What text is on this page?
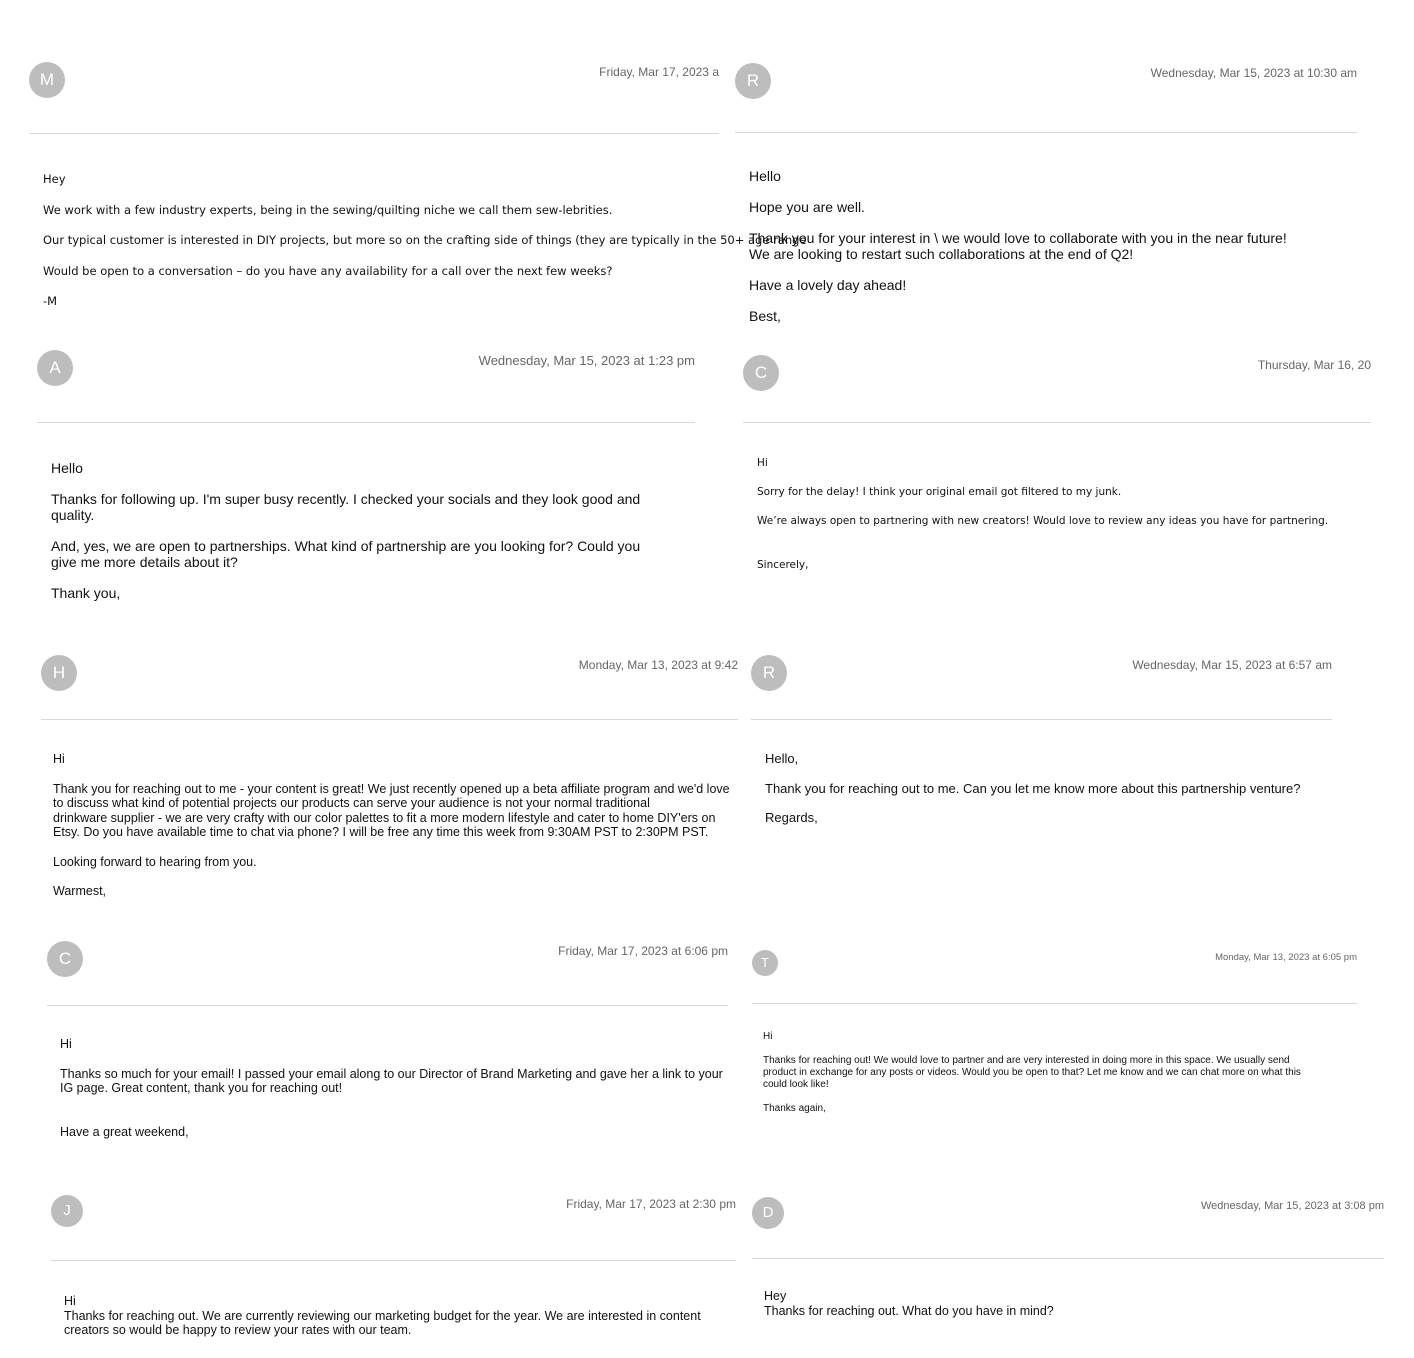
M	Friday, Mar 17, 2023 a

Hey

We work with a few industry experts, being in the sewing/quilting niche we call them sew-lebrities.

Our typical customer is interested in DIY projects, but more so on the crafting side of things (they are typically in the 50+ age range

Would be open to a conversation – do you have any availability for a call over the next few weeks?

-M

R	Wednesday, Mar 15, 2023 at 10:30 am

Hello

Hope you are well.

Thank you for your interest in \ we would love to collaborate with you in the near future!

We are looking to restart such collaborations at the end of Q2!

Have a lovely day ahead!

Best,

A	Wednesday, Mar 15, 2023 at 1:23 pm

Hello

Thanks for following up. I'm super busy recently. I checked your socials and they look good and

quality.

And, yes, we are open to partnerships. What kind of partnership are you looking for? Could you

give me more details about it?

Thank you,

C	Thursday, Mar 16, 20

Hi

Sorry for the delay! I think your original email got filtered to my junk.

We’re always open to partnering with new creators! Would love to review any ideas you have for partnering.

Sincerely,

H	Monday, Mar 13, 2023 at 9:42

Hi

Thank you for reaching out to me - your content is great! We just recently opened up a beta affiliate program and we'd love

to discuss what kind of potential projects our products can serve your audience is not your normal traditional

drinkware supplier - we are very crafty with our color palettes to fit a more modern lifestyle and cater to home DIY'ers on

Etsy. Do you have available time to chat via phone? I will be free any time this week from 9:30AM PST to 2:30PM PST.

Looking forward to hearing from you.

Warmest,

R	Wednesday, Mar 15, 2023 at 6:57 am

Hello,

Thank you for reaching out to me. Can you let me know more about this partnership venture?

Regards,

C	Friday, Mar 17, 2023 at 6:06 pm

Hi

Thanks so much for your email! I passed your email along to our Director of Brand Marketing and gave her a link to your

IG page. Great content, thank you for reaching out!

Have a great weekend,

T	Monday, Mar 13, 2023 at 6:05 pm

Hi

Thanks for reaching out! We would love to partner and are very interested in doing more in this space. We usually send

product in exchange for any posts or videos. Would you be open to that? Let me know and we can chat more on what this

could look like!

Thanks again,

J	Friday, Mar 17, 2023 at 2:30 pm

Hi

Thanks for reaching out. We are currently reviewing our marketing budget for the year. We are interested in content

creators so would be happy to review your rates with our team.

D	Wednesday, Mar 15, 2023 at 3:08 pm

Hey

Thanks for reaching out. What do you have in mind?
